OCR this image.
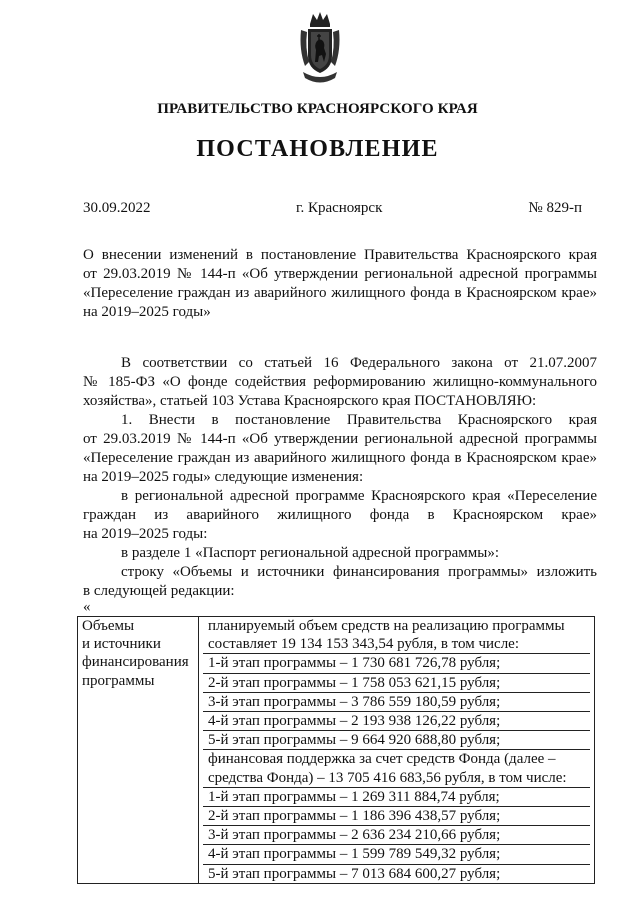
ПРАВИТЕЛЬСТВО КРАСНОЯРСКОГО КРАЯ
ПОСТАНОВЛЕНИЕ
30.09.2022	г. Красноярск	№ 829-п
О внесении изменений в постановление Правительства Красноярского края
от 29.03.2019 № 144-п «Об утверждении региональной адресной программы
«Переселение граждан из аварийного жилищного фонда в Красноярском крае»
на 2019–2025 годы»
В соответствии со статьей 16 Федерального закона от 21.07.2007
№ 185-ФЗ «О фонде содействия реформированию жилищно-коммунального
хозяйства», статьей 103 Устава Красноярского края ПОСТАНОВЛЯЮ:
1. Внести в постановление Правительства Красноярского края
от 29.03.2019 № 144-п «Об утверждении региональной адресной программы
«Переселение граждан из аварийного жилищного фонда в Красноярском крае»
на 2019–2025 годы» следующие изменения:
в региональной адресной программе Красноярского края «Переселение
граждан из аварийного жилищного фонда в Красноярском крае»
на 2019–2025 годы:
в разделе 1 «Паспорт региональной адресной программы»:
строку «Объемы и источники финансирования программы» изложить
в следующей редакции:
Объемы
и источники
финансирования
программы

планируемый объем средств на реализацию программы
составляет 19 134 153 343,54 рубля, в том числе:
1-й этап программы – 1 730 681 726,78 рубля;
2-й этап программы – 1 758 053 621,15 рубля;
3-й этап программы – 3 786 559 180,59 рубля;
4-й этап программы – 2 193 938 126,22 рубля;
5-й этап программы – 9 664 920 688,80 рубля;
финансовая поддержка за счет средств Фонда (далее –
средства Фонда) – 13 705 416 683,56 рубля, в том числе:
1-й этап программы – 1 269 311 884,74 рубля;
2-й этап программы – 1 186 396 438,57 рубля;
3-й этап программы – 2 636 234 210,66 рубля;
4-й этап программы – 1 599 789 549,32 рубля;
5-й этап программы – 7 013 684 600,27 рубля;
«
